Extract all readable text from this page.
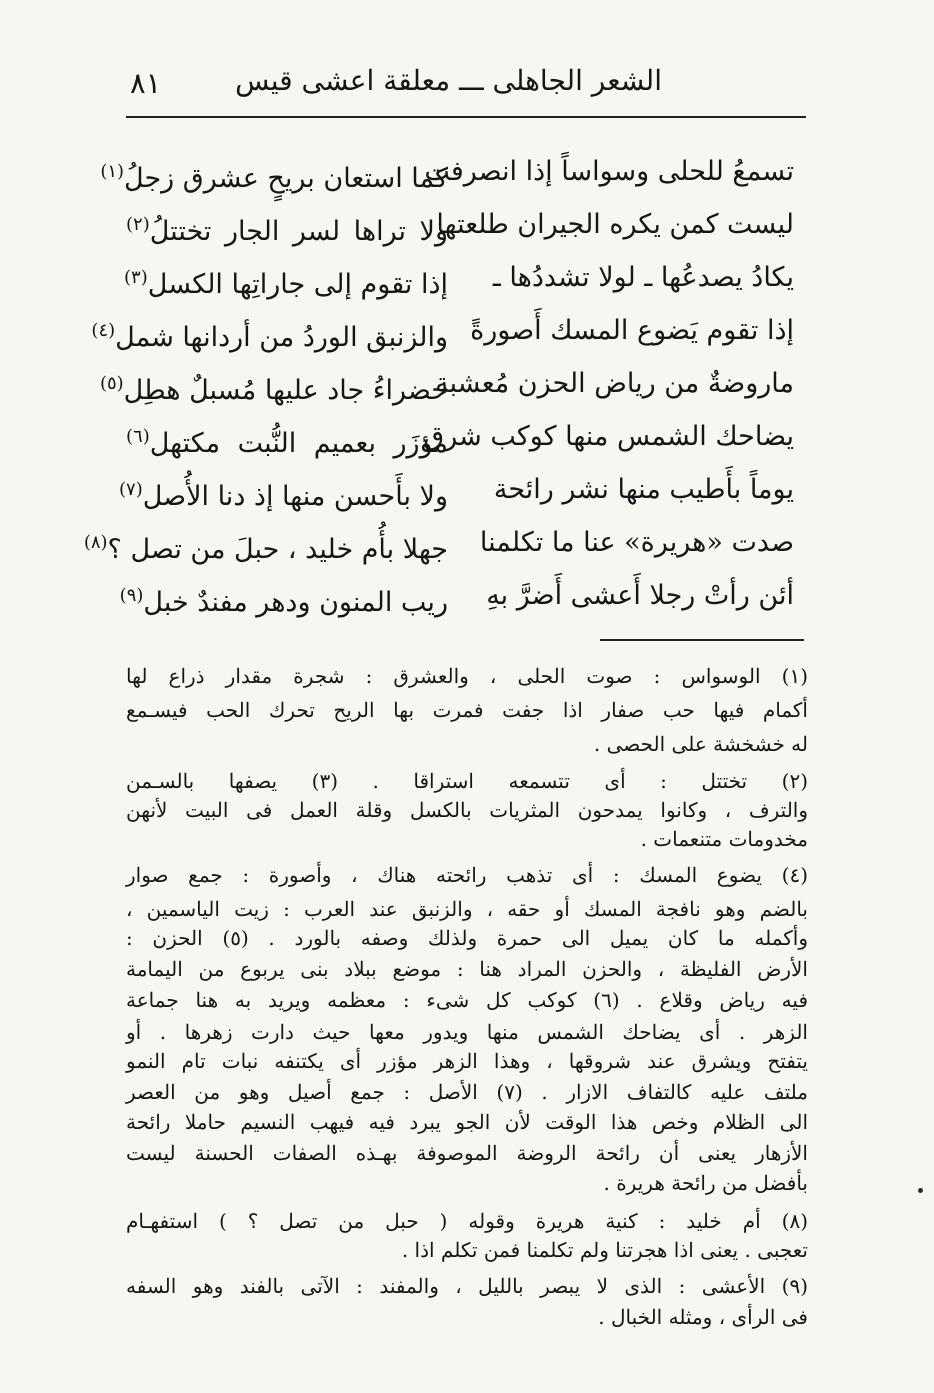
الشعر الجاهلى ـــ معلقة اعشى قيس
٨١
تسمعُ للحلى وسواساً إذا انصرفت
كما استعان بريحٍ عشرق زجلُ$^{(١)}$
ليست كمن يكره الجيران طلعتها
ولا تراها لسر الجار تختتلُ$^{(٢)}$
يكادُ يصدعُها ـ لولا تشددُها ـ
إذا تقوم إلى جاراتِها الكسل$^{(٣)}$
إذا تقوم يَضوع المسك أَصورةً
والزنبق الوردُ من أردانها شمل$^{(٤)}$
ماروضةٌ من رياض الحزن مُعشبة
خضراءُ جاد عليها مُسبلٌ هطِل$^{(٥)}$
يضاحك الشمس منها كوكب شرق
مؤزَر بعميم النُّبت مكتهل$^{(٦)}$
يوماً بأَطيب منها نشر رائحة
ولا بأَحسن منها إذ دنا الأُصل$^{(٧)}$
صدت «هريرة» عنا ما تكلمنا
جهلا بأُم خليد ، حبلَ من تصل ؟$^{(٨)}$
أئن رأتْ رجلا أَعشى أَضرَّ بهِ
ريب المنون ودهر مفندٌ خبل$^{(٩)}$
(١) الوسواس : صوت الحلى ، والعشرق : شجرة مقدار ذراع لها
أكمام فيها حب صفار اذا جفت فمرت بها الريح تحرك الحب فيسـمع
له خشخشة على الحصى .
(٢) تختتل : أى تتسمعه استراقا . (٣) يصفها بالسـمن
والترف ، وكانوا يمدحون المثريات بالكسل وقلة العمل فى البيت لأنهن
مخدومات متنعمات .
(٤) يضوع المسك : أى تذهب رائحته هناك ، وأصورة : جمع صوار
بالضم وهو نافجة المسك أو حقه ، والزنبق عند العرب : زيت الياسمين ،
وأكمله ما كان يميل الى حمرة ولذلك وصفه بالورد . (٥) الحزن :
الأرض الفليظة ، والحزن المراد هنا : موضع ببلاد بنى يربوع من اليمامة
فيه رياض وقلاع . (٦) كوكب كل شىء : معظمه ويريد به هنا جماعة
الزهر . أى يضاحك الشمس منها ويدور معها حيث دارت زهرها . أو
يتفتح ويشرق عند شروقها ، وهذا الزهر مؤزر أى يكتنفه نبات تام النمو
ملتف عليه كالتفاف الازار . (٧) الأصل : جمع أصيل وهو من العصر
الى الظلام وخص هذا الوقت لأن الجو يبرد فيه فيهب النسيم حاملا رائحة
الأزهار يعنى أن رائحة الروضة الموصوفة بهـذه الصفات الحسنة ليست
بأفضل من رائحة هريرة .
(٨) أم خليد : كنية هريرة وقوله ( حبل من تصل ؟ ) استفهـام
تعجبى . يعنى اذا هجرتنا ولم تكلمنا فمن تكلم اذا .
(٩) الأعشى : الذى لا يبصر بالليل ، والمفند : الآتى بالفند وهو السفه
فى الرأى ، ومثله الخبال .
